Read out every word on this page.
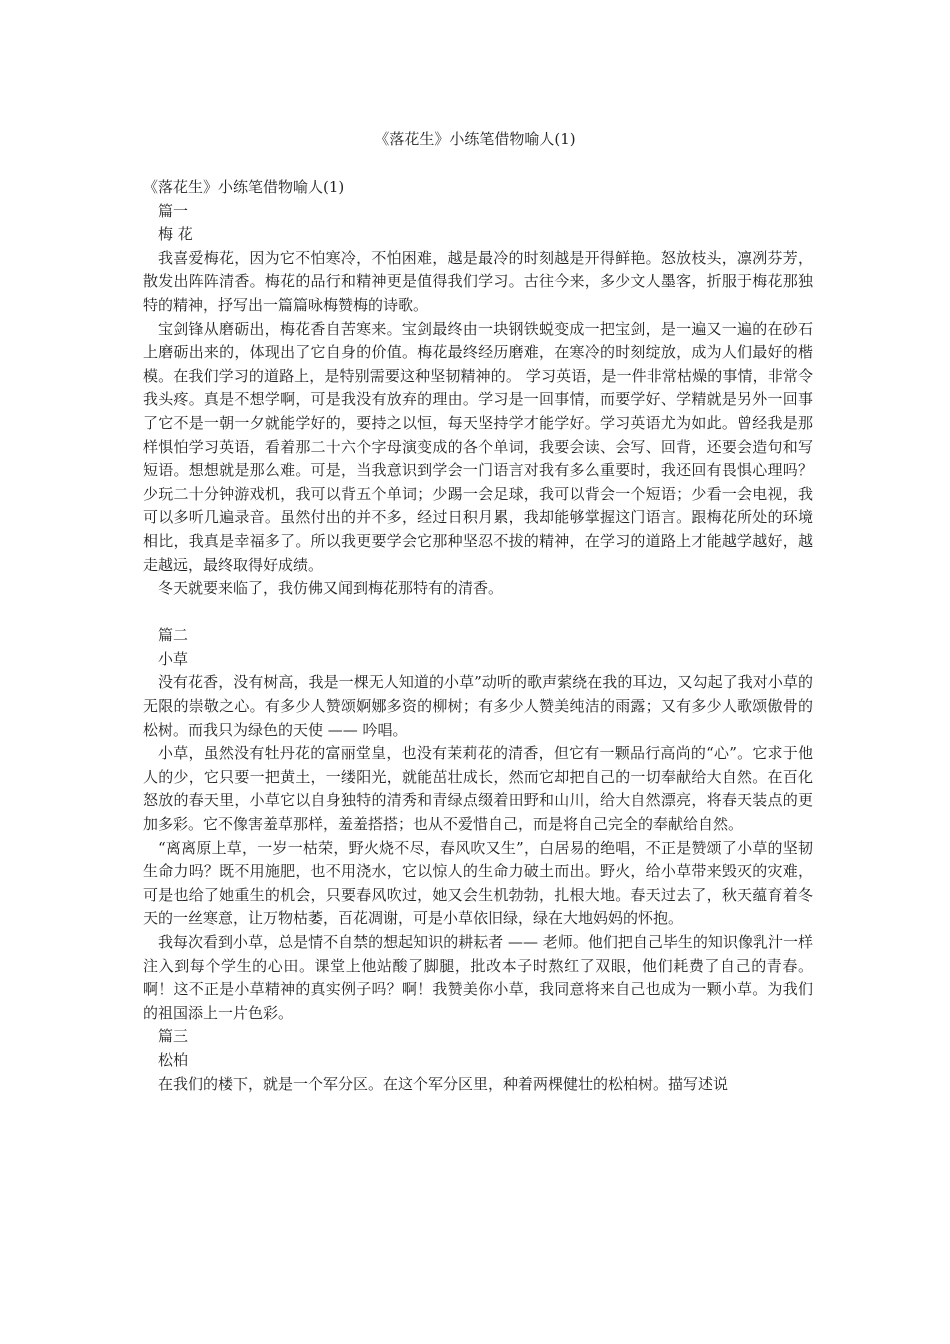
《落花生》小练笔借物喻人(1)

《落花生》小练笔借物喻人(1)

篇一

梅 花

我喜爱梅花，因为它不怕寒冷，不怕困难，越是最冷的时刻越是开得鲜艳。怒放枝头，凛冽芬芳，散发出阵阵清香。梅花的品行和精神更是值得我们学习。古往今来，多少文人墨客，折服于梅花那独特的精神，抒写出一篇篇咏梅赞梅的诗歌。

宝剑锋从磨砺出，梅花香自苦寒来。宝剑最终由一块钢铁蜕变成一把宝剑，是一遍又一遍的在砂石上磨砺出来的，体现出了它自身的价值。梅花最终经历磨难，在寒冷的时刻绽放，成为人们最好的楷模。在我们学习的道路上，是特别需要这种坚韧精神的。 学习英语，是一件非常枯燥的事情，非常令我头疼。真是不想学啊，可是我没有放弃的理由。学习是一回事情，而要学好、学精就是另外一回事了它不是一朝一夕就能学好的，要持之以恒，每天坚持学才能学好。学习英语尤为如此。曾经我是那样惧怕学习英语，看着那二十六个字母演变成的各个单词，我要会读、会写、回背，还要会造句和写短语。想想就是那么难。可是，当我意识到学会一门语言对我有多么重要时，我还回有畏惧心理吗？少玩二十分钟游戏机，我可以背五个单词；少踢一会足球，我可以背会一个短语；少看一会电视，我可以多听几遍录音。虽然付出的并不多，经过日积月累，我却能够掌握这门语言。跟梅花所处的环境相比，我真是幸福多了。所以我更要学会它那种坚忍不拔的精神，在学习的道路上才能越学越好，越走越远，最终取得好成绩。

冬天就要来临了，我仿佛又闻到梅花那特有的清香。

篇二

小草

没有花香，没有树高，我是一棵无人知道的小草”动听的歌声萦绕在我的耳边，又勾起了我对小草的无限的崇敬之心。有多少人赞颂婀娜多资的柳树；有多少人赞美纯洁的雨露；又有多少人歌颂傲骨的松树。而我只为绿色的天使 —— 吟唱。

小草，虽然没有牡丹花的富丽堂皇，也没有茉莉花的清香，但它有一颗品行高尚的“心”。它求于他人的少，它只要一把黄土，一缕阳光，就能茁壮成长，然而它却把自己的一切奉献给大自然。在百化怒放的春天里，小草它以自身独特的清秀和青绿点缀着田野和山川，给大自然漂亮，将春天装点的更加多彩。它不像害羞草那样，羞羞搭搭；也从不爱惜自己，而是将自己完全的奉献给自然。

“离离原上草，一岁一枯荣，野火烧不尽，春风吹又生”，白居易的绝唱，不正是赞颂了小草的坚韧生命力吗？既不用施肥，也不用浇水，它以惊人的生命力破土而出。野火，给小草带来毁灭的灾难，可是也给了她重生的机会，只要春风吹过，她又会生机勃勃，扎根大地。春天过去了，秋天蕴育着冬天的一丝寒意，让万物枯萎，百花凋谢，可是小草依旧绿，绿在大地妈妈的怀抱。

我每次看到小草，总是情不自禁的想起知识的耕耘者 —— 老师。他们把自己毕生的知识像乳汁一样注入到每个学生的心田。课堂上他站酸了脚腿，批改本子时熬红了双眼，他们耗费了自己的青春。啊！这不正是小草精神的真实例子吗？啊！我赞美你小草，我同意将来自己也成为一颗小草。为我们的祖国添上一片色彩。

篇三

松柏

在我们的楼下，就是一个军分区。在这个军分区里，种着两棵健壮的松柏树。描写述说
